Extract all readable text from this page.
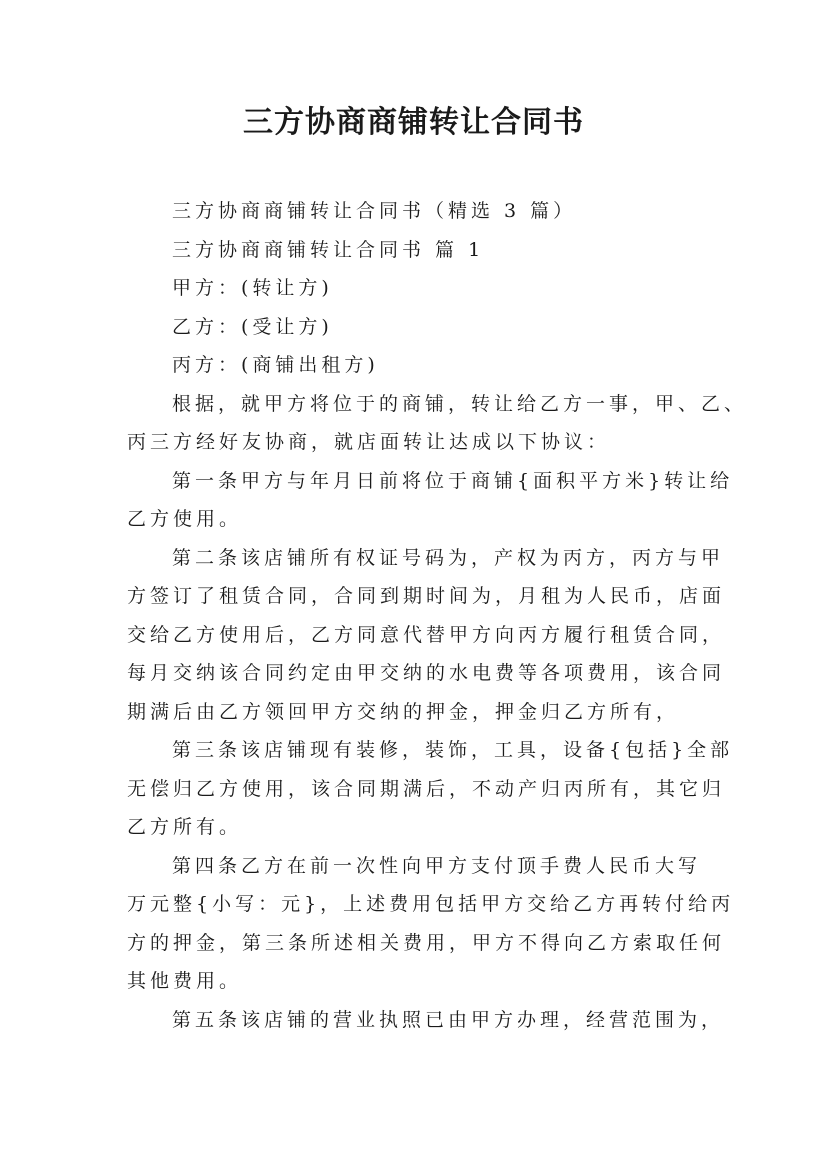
三方协商商铺转让合同书

三方协商商铺转让合同书（精选 3 篇）

三方协商商铺转让合同书 篇 1

甲方：(转让方)

乙方：(受让方)

丙方：(商铺出租方)

根据，就甲方将位于的商铺，转让给乙方一事，甲、乙、

丙三方经好友协商，就店面转让达成以下协议：

第一条甲方与年月日前将位于商铺{面积平方米}转让给

乙方使用。

第二条该店铺所有权证号码为，产权为丙方，丙方与甲

方签订了租赁合同，合同到期时间为，月租为人民币，店面

交给乙方使用后，乙方同意代替甲方向丙方履行租赁合同，

每月交纳该合同约定由甲交纳的水电费等各项费用，该合同

期满后由乙方领回甲方交纳的押金，押金归乙方所有，

第三条该店铺现有装修，装饰，工具，设备{包括}全部

无偿归乙方使用，该合同期满后，不动产归丙所有，其它归

乙方所有。

第四条乙方在前一次性向甲方支付顶手费人民币大写

万元整{小写：元}，上述费用包括甲方交给乙方再转付给丙

方的押金，第三条所述相关费用，甲方不得向乙方索取任何

其他费用。

第五条该店铺的营业执照已由甲方办理，经营范围为，
